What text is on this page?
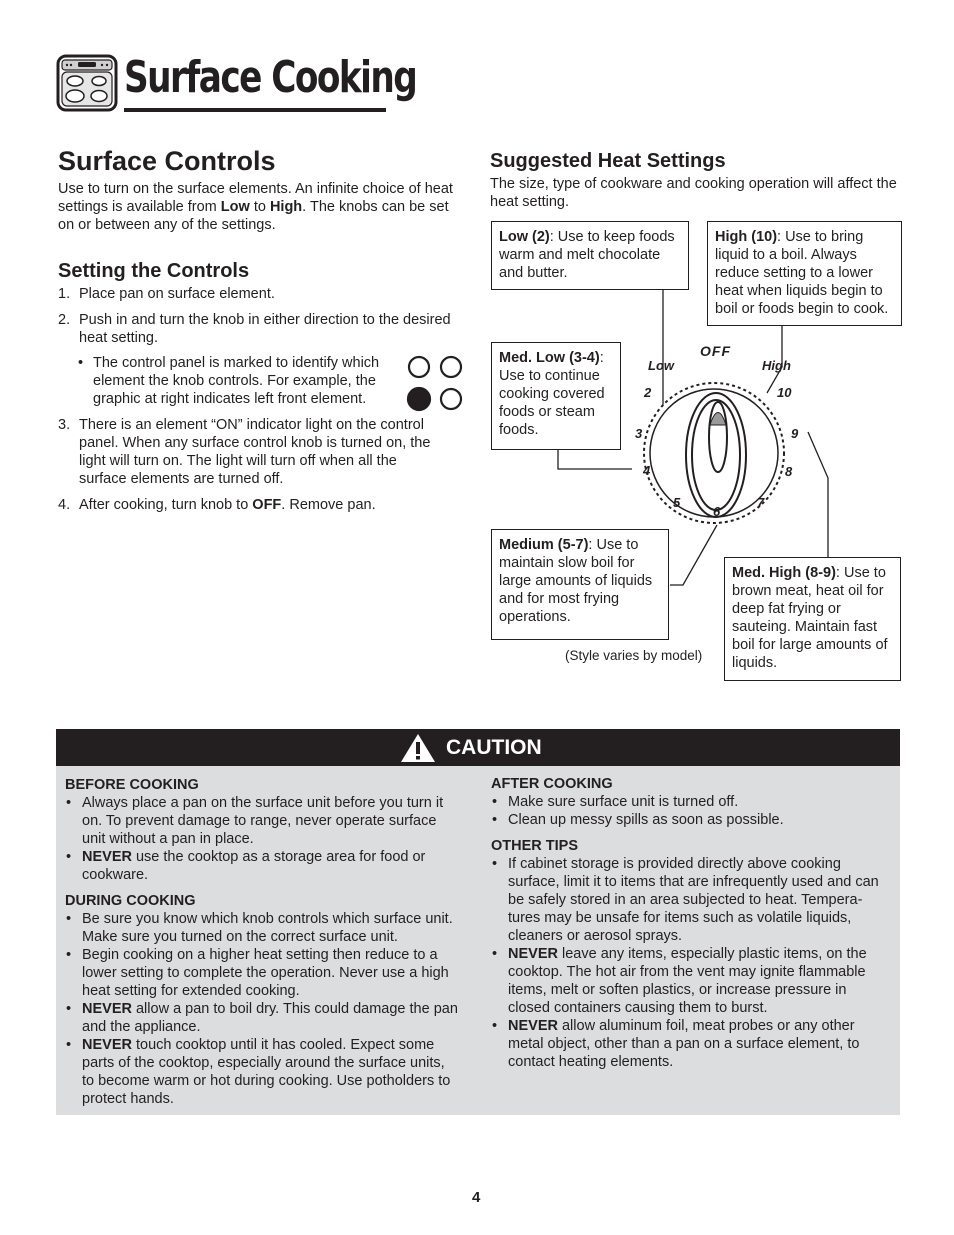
Surface Cooking
Surface Controls
Use to turn on the surface elements. An infinite choice of heat settings is available from Low to High. The knobs can be set on or between any of the settings.
Setting the Controls
1. Place pan on surface element.
2. Push in and turn the knob in either direction to the desired heat setting.
• The control panel is marked to identify which element the knob controls. For example, the graphic at right indicates left front element.
3. There is an element “ON” indicator light on the control panel. When any surface control knob is turned on, the light will turn on. The light will turn off when all the surface elements are turned off.
4. After cooking, turn knob to OFF. Remove pan.
Suggested Heat Settings
The size, type of cookware and cooking operation will affect the heat setting.
OFF
Low	High
2
3
4
5
6
7
8
9
10
Low (2): Use to keep foods warm and melt chocolate and butter.
High (10): Use to bring liquid to a boil. Always reduce setting to a lower heat when liquids begin to boil or foods begin to cook.
Med. Low (3-4): Use to continue cooking covered foods or steam foods.
Medium (5-7): Use to maintain slow boil for large amounts of liquids and for most frying operations.
Med. High (8-9): Use to brown meat, heat oil for deep fat frying or sauteing. Maintain fast boil for large amounts of liquids.
(Style varies by model)
CAUTION

BEFORE COOKING

• Always place a pan on the surface unit before you turn it on. To prevent damage to range, never operate surface unit without a pan in place.
• NEVER use the cooktop as a storage area for food or cookware.

DURING COOKING

• Be sure you know which knob controls which surface unit. Make sure you turned on the correct surface unit.
• Begin cooking on a higher heat setting then reduce to a lower setting to complete the operation. Never use a high heat setting for extended cooking.
• NEVER allow a pan to boil dry. This could damage the pan and the appliance.
• NEVER touch cooktop until it has cooled. Expect some parts of the cooktop, especially around the surface units, to become warm or hot during cooking. Use potholders to protect hands.

AFTER COOKING

• Make sure surface unit is turned off.
• Clean up messy spills as soon as possible.

OTHER TIPS

• If cabinet storage is provided directly above cooking surface, limit it to items that are infrequently used and can be safely stored in an area subjected to heat. Tempera-tures may be unsafe for items such as volatile liquids, cleaners or aerosol sprays.
• NEVER leave any items, especially plastic items, on the cooktop. The hot air from the vent may ignite flammable items, melt or soften plastics, or increase pressure in closed containers causing them to burst.
• NEVER allow aluminum foil, meat probes or any other metal object, other than a pan on a surface element, to contact heating elements.
4
